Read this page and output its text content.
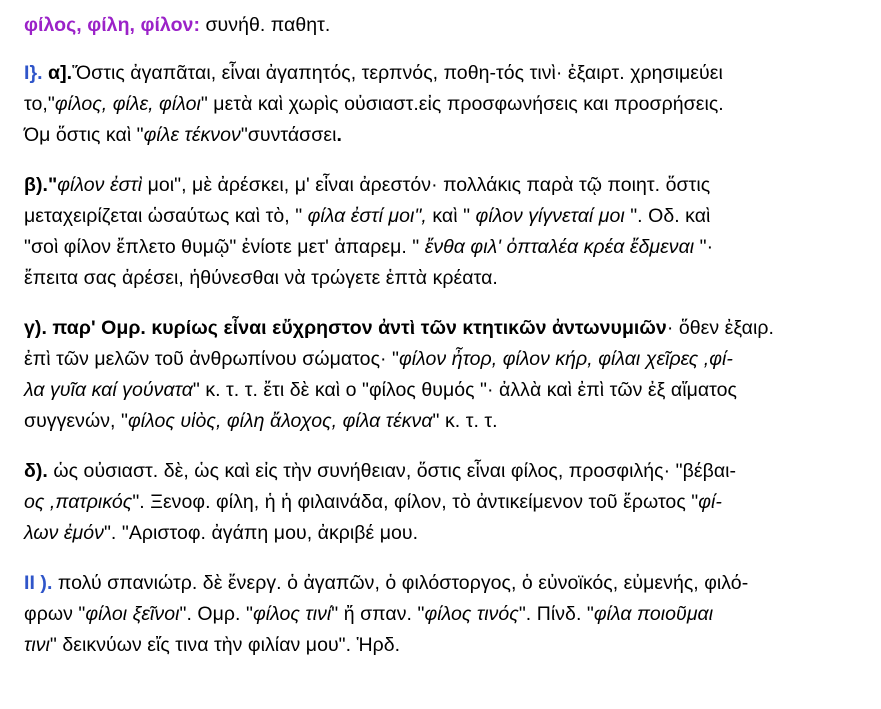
φίλος, φίλη, φίλον: συνήθ. παθητ.

Ι}. α].Ὅστις ἀγαπᾶται, εἶναι ἀγαπητός, τερπνός, ποθη-τός τινὶ· ἐξαιρτ. χρησιμεύει
το,"φίλος, φίλε, φίλοι" μετὰ καὶ χωρὶς οὐσιαστ.εἰς προσφωνήσεις και προσρήσεις.
Όμ ὅστις καὶ "φίλε τέκνον"συντάσσει.

β)."φίλον ἐστὶ μοι", μὲ ἀρέσκει, μ' εἶναι ἀρεστόν· πολλάκις παρὰ τῷ ποιητ. ὅστις
μεταχειρίζεται ὡσαύτως καὶ τὸ, " φίλα ἐστί μοι", καὶ " φίλον γίγνεταί μοι ". Οδ. καὶ
"σοὶ φίλον ἔπλετο θυμῷ" ἐνίοτε μετ' ἀπαρεμ. " ἔνθα φιλ' ὀπταλέα κρέα ἔδμεναι "·
ἔπειτα σας ἀρέσει, ἡθύνεσθαι νὰ τρώγετε ἑπτὰ κρέατα.

γ). παρ' Ομρ. κυρίως εἶναι εὔχρηστον ἀντὶ τῶν κτητικῶν ἀντωνυμιῶν· ὅθεν ἐξαιρ.
ἐπὶ τῶν μελῶν τοῦ ἀνθρωπίνου σώματος· "φίλον ἦτορ, φίλον κήρ, φίλαι χεῖρες ,φί-
λα γυῖα καί γούνατα" κ. τ. τ. ἔτι δὲ καὶ ο "φίλος θυμός "· ἀλλὰ καὶ ἐπὶ τῶν ἐξ αἵματος
συγγενών, "φίλος υἱὸς, φίλη ἄλοχος, φίλα τέκνα" κ. τ. τ.

δ). ὡς οὐσιαστ. δὲ, ὡς καὶ εἰς τὴν συνήθειαν, ὅστις εἶναι φίλος, προσφιλής· "βέβαι-
ος ,πατρικός". Ξενοφ. φίλη, ἡ ἡ φιλαινάδα, φίλον, τὸ ἀντικείμενον τοῦ ἔρωτος "φί-
λων ἐμόν". "Αριστοφ. ἀγάπη μου, ἀκριβέ μου.

ΙΙ ). πολύ σπανιώτρ. δὲ ἔνεργ. ὁ ἀγαπῶν, ὁ φιλόστοργος, ὁ εὐνοϊκός, εὐμενής, φιλό-
φρων "φίλοι ξεῖνοι". Ομρ. "φίλος τινί" ἤ σπαν. "φίλος τινός". Πίνδ. "φίλα ποιοῦμαι
τινι" δεικνύων εἴς τινα τὴν φιλίαν μου". Ἡρδ.
